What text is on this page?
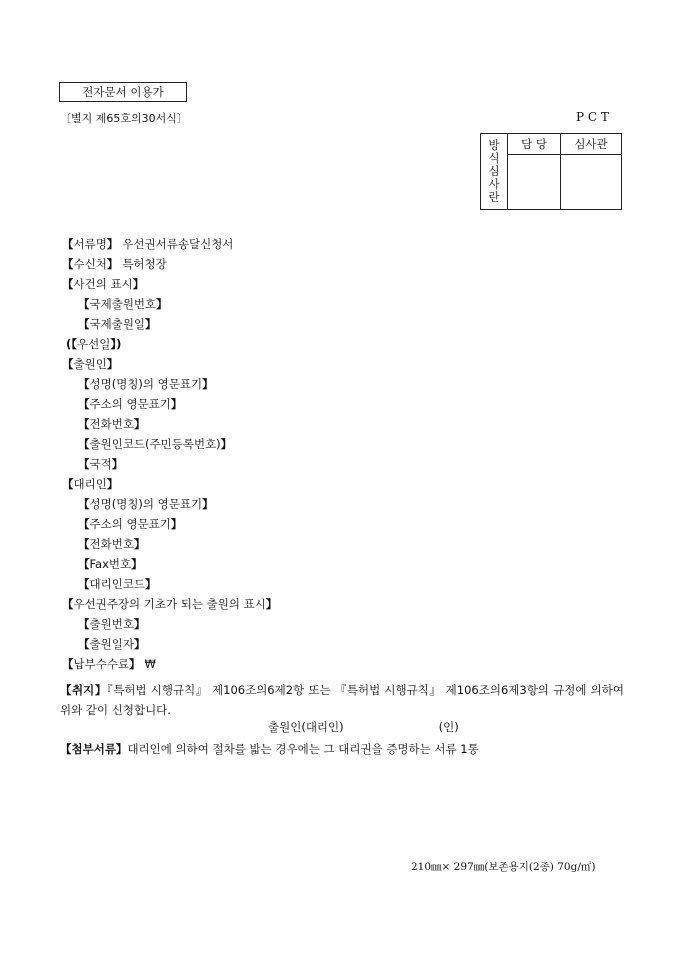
전자문서 이용가
〔별지 제65호의30서식〕	P C T
방
식
심
사
란	담 당	심사관

【서류명】 우선권서류송달신청서
【수신처】 특허청장
【사건의 표시】
【국제출원번호】
【국제출원일】
(【우선일】)
【출원인】
【성명(명칭)의 영문표기】
【주소의 영문표기】
【전화번호】
【출원인코드(주민등록번호)】
【국적】
【대리인】
【성명(명칭)의 영문표기】
【주소의 영문표기】
【전화번호】
【Fax번호】
【대리인코드】
【우선권주장의 기초가 되는 출원의 표시】
【출원번호】
【출원일자】
【납부수수료】 ₩
【취지】『특허법 시행규칙』 제106조의6제2항 또는 『특허법 시행규칙』 제106조의6제3항의 규정에 의하여 위와 같이 신청합니다.
출원인(대리인)	(인)
【첨부서류】대리인에 의하여 절차를 밟는 경우에는 그 대리권을 증명하는 서류 1통
210㎜× 297㎜(보존용지(2종) 70g/㎡)
